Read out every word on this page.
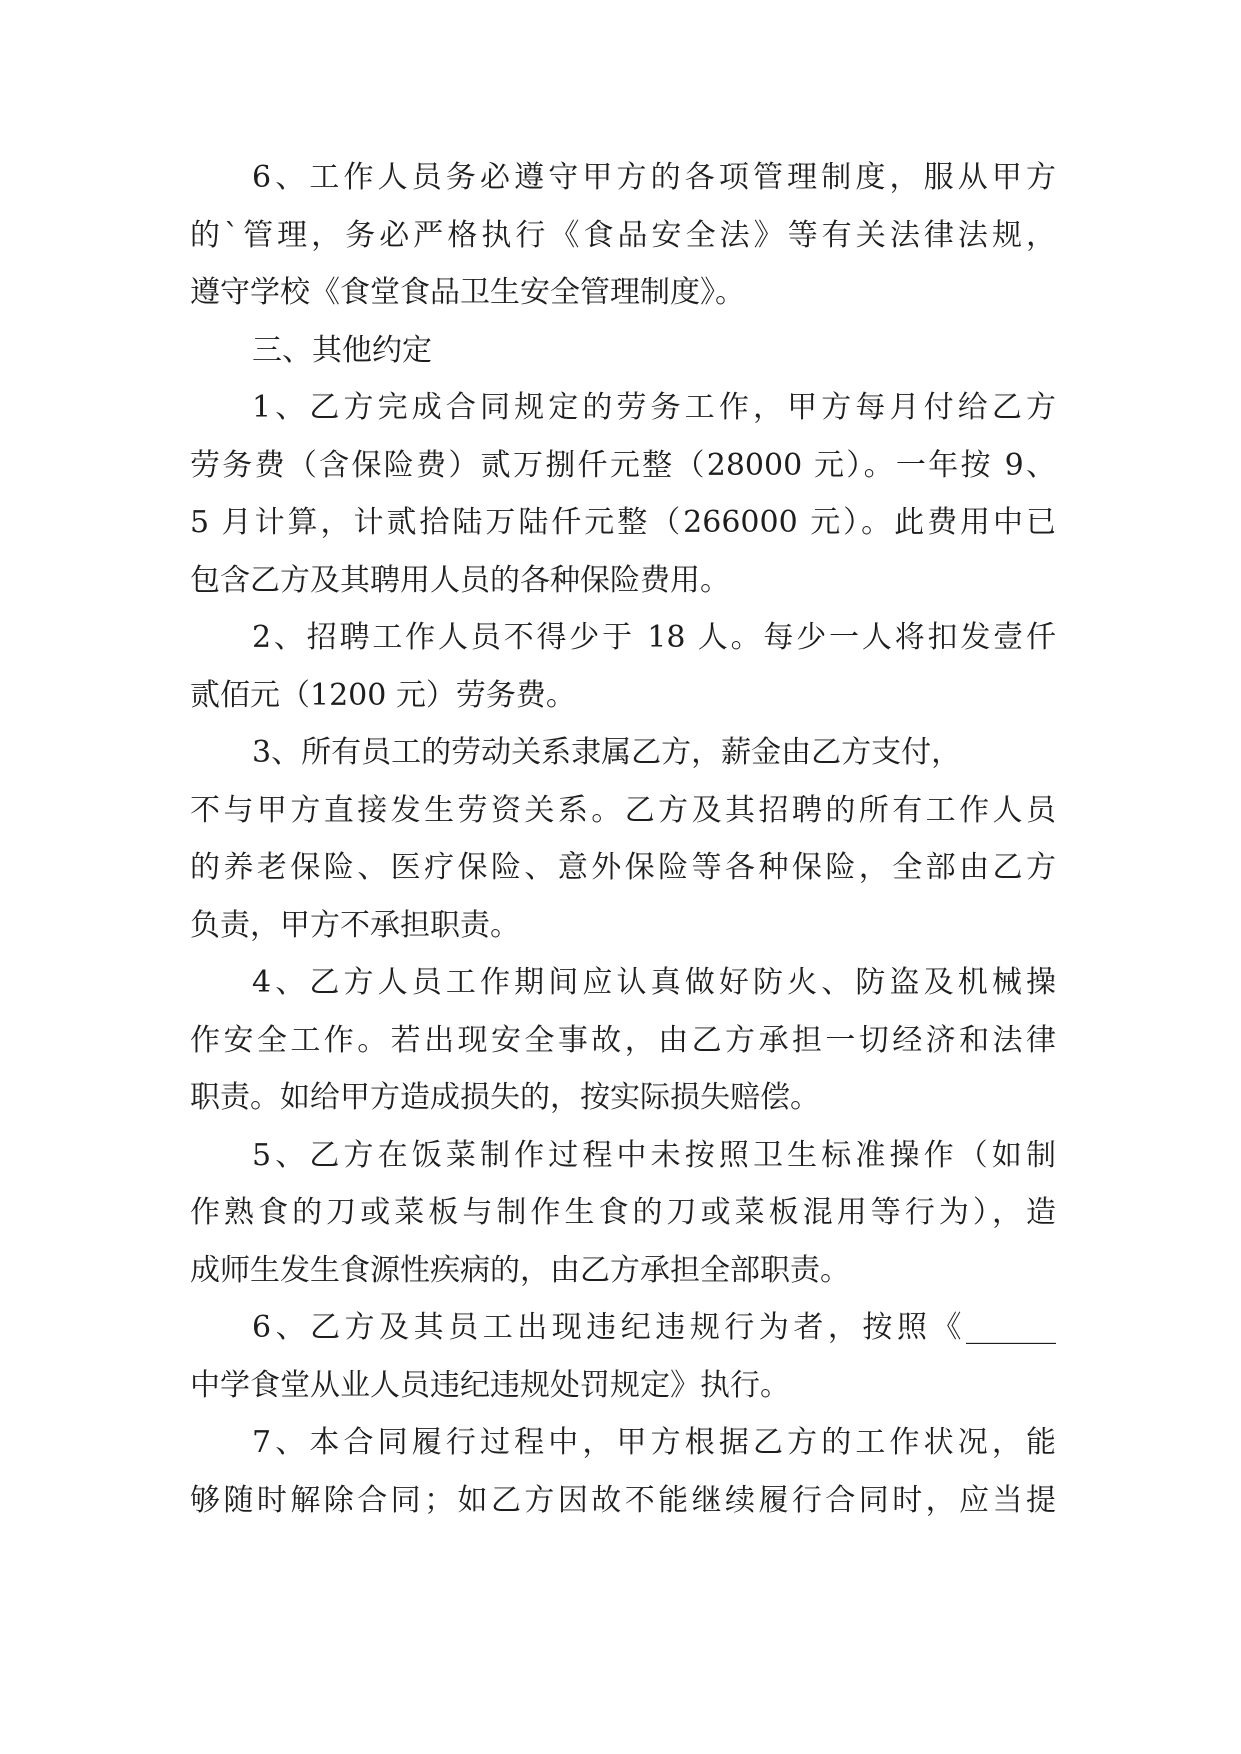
6、工作人员务必遵守甲方的各项管理制度，服从甲方
的`管理，务必严格执行《食品安全法》等有关法律法规，
遵守学校《食堂食品卫生安全管理制度》。
三、其他约定
1、乙方完成合同规定的劳务工作，甲方每月付给乙方
劳务费（含保险费）贰万捌仟元整（28000 元）。一年按 9、
5 月计算，计贰拾陆万陆仟元整（266000 元）。此费用中已
包含乙方及其聘用人员的各种保险费用。
2、招聘工作人员不得少于 18 人。每少一人将扣发壹仟
贰佰元（1200 元）劳务费。
3、所有员工的劳动关系隶属乙方，薪金由乙方支付，
不与甲方直接发生劳资关系。乙方及其招聘的所有工作人员
的养老保险、医疗保险、意外保险等各种保险，全部由乙方
负责，甲方不承担职责。
4、乙方人员工作期间应认真做好防火、防盗及机械操
作安全工作。若出现安全事故，由乙方承担一切经济和法律
职责。如给甲方造成损失的，按实际损失赔偿。
5、乙方在饭菜制作过程中未按照卫生标准操作（如制
作熟食的刀或菜板与制作生食的刀或菜板混用等行为），造
成师生发生食源性疾病的，由乙方承担全部职责。
6、乙方及其员工出现违纪违规行为者，按照《______
中学食堂从业人员违纪违规处罚规定》执行。
7、本合同履行过程中，甲方根据乙方的工作状况，能
够随时解除合同；如乙方因故不能继续履行合同时，应当提
